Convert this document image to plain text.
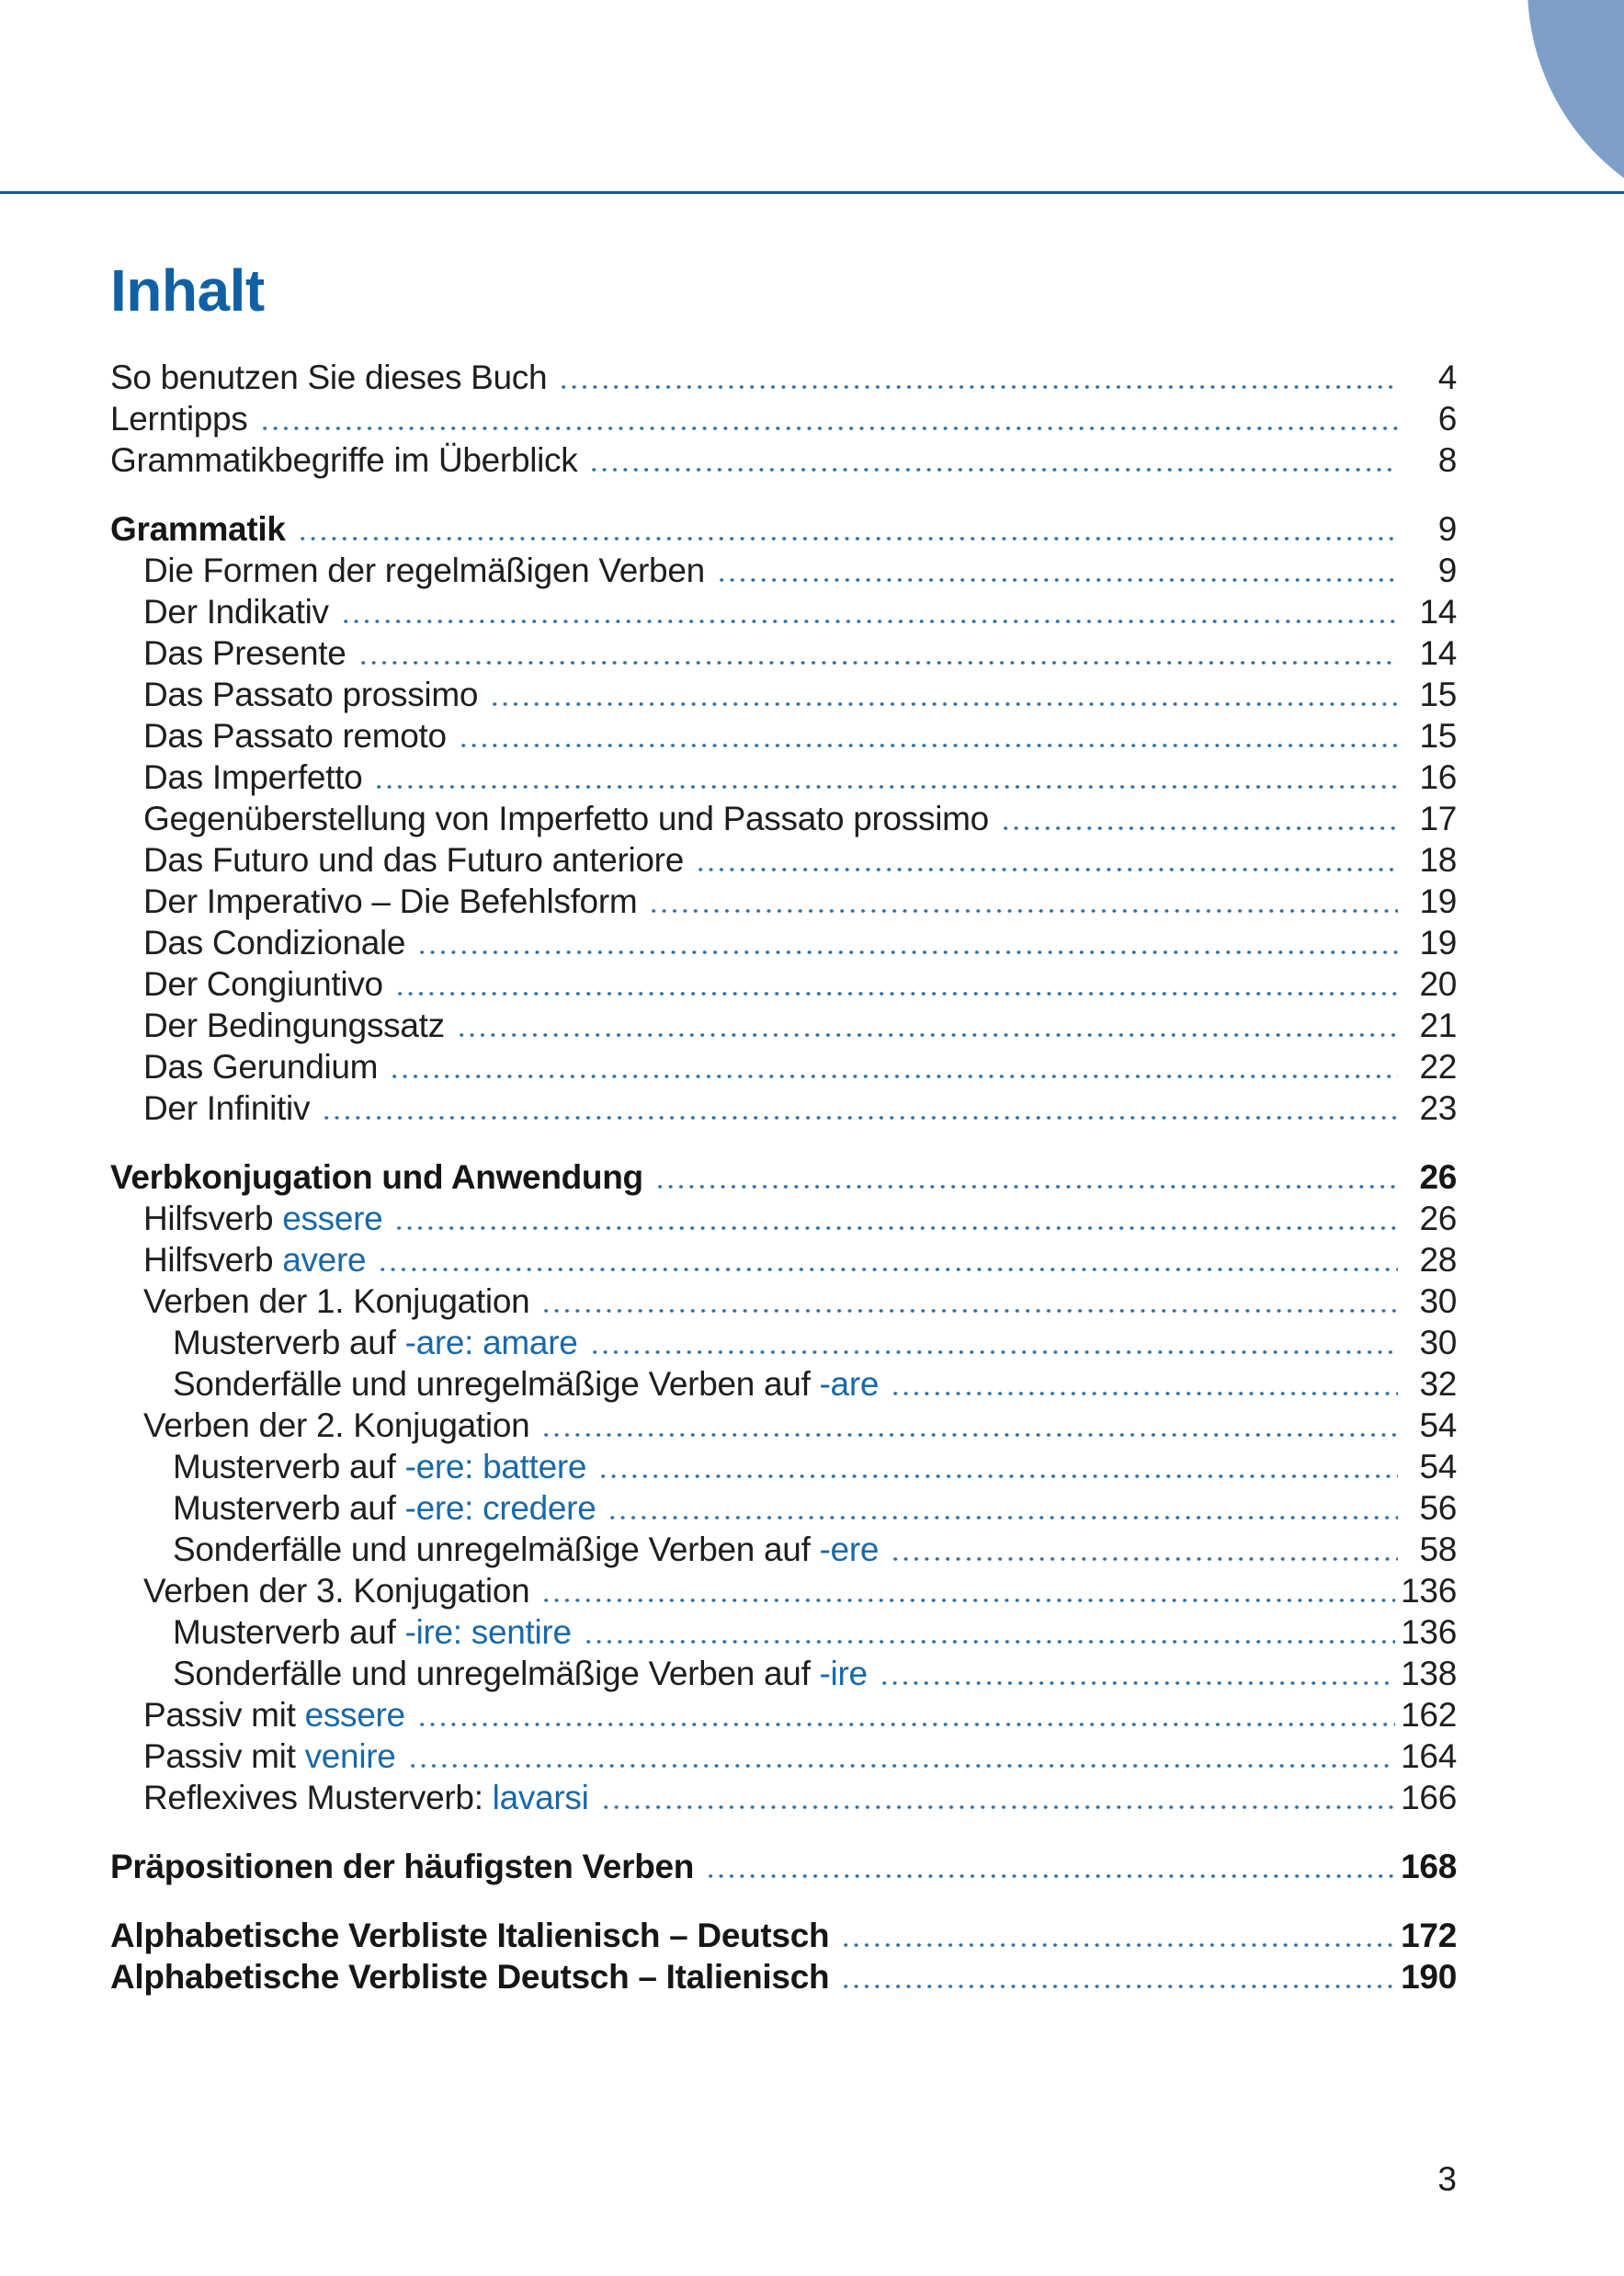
Inhalt
So benutzen Sie dieses Buch	4
Lerntipps	6
Grammatikbegriffe im Überblick	8
Grammatik	9
Die Formen der regelmäßigen Verben	9
Der Indikativ	14
Das Presente	14
Das Passato prossimo	15
Das Passato remoto	15
Das Imperfetto	16
Gegenüberstellung von Imperfetto und Passato prossimo	17
Das Futuro und das Futuro anteriore	18
Der Imperativo – Die Befehlsform	19
Das Condizionale	19
Der Congiuntivo	20
Der Bedingungssatz	21
Das Gerundium	22
Der Infinitiv	23
Verbkonjugation und Anwendung	26
Hilfsverb essere	26
Hilfsverb avere	28
Verben der 1. Konjugation	30
Musterverb auf -are: amare	30
Sonderfälle und unregelmäßige Verben auf -are	32
Verben der 2. Konjugation	54
Musterverb auf -ere: battere	54
Musterverb auf -ere: credere	56
Sonderfälle und unregelmäßige Verben auf -ere	58
Verben der 3. Konjugation	136
Musterverb auf -ire: sentire	136
Sonderfälle und unregelmäßige Verben auf -ire	138
Passiv mit essere	162
Passiv mit venire	164
Reflexives Musterverb: lavarsi	166
Präpositionen der häufigsten Verben	168
Alphabetische Verbliste Italienisch – Deutsch	172
Alphabetische Verbliste Deutsch – Italienisch	190
3
